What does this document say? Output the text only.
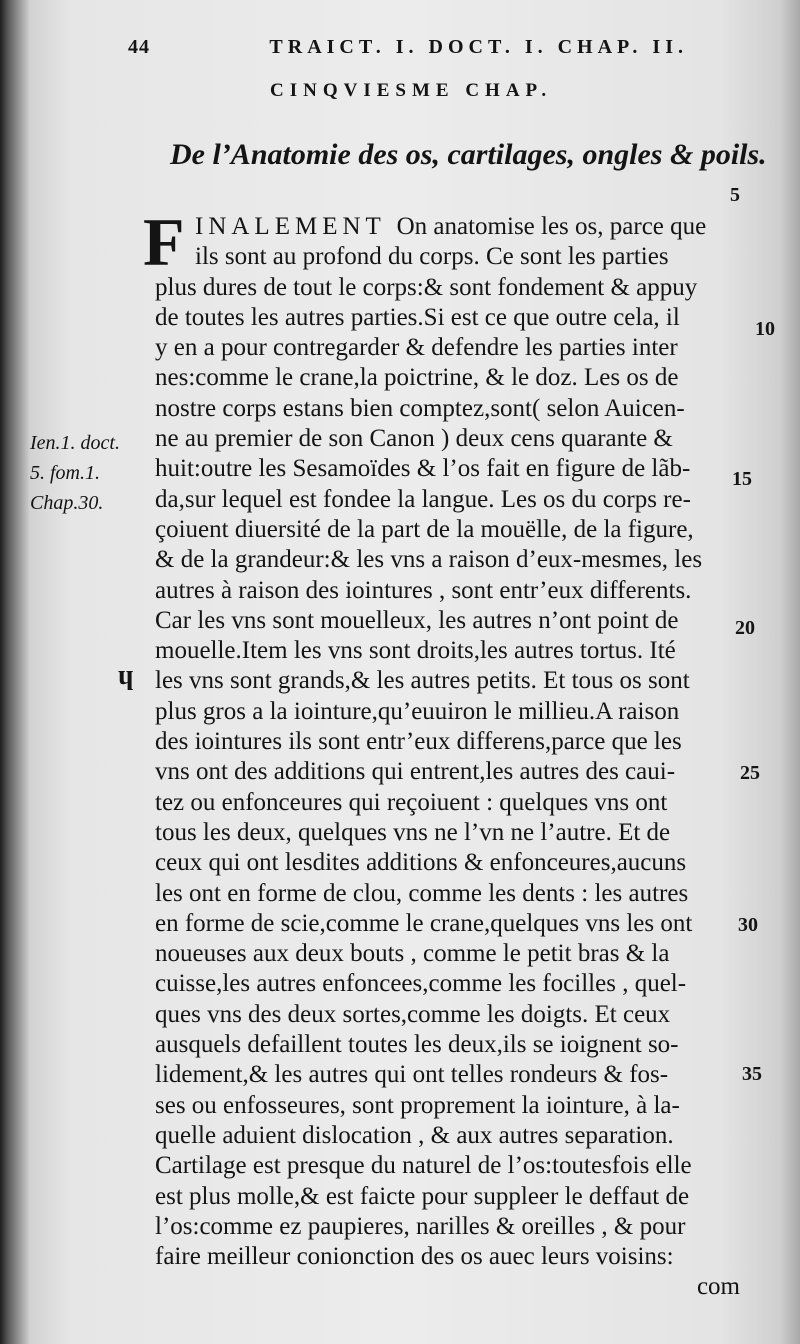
44	TRAICT. I. DOCT. I. CHAP. II.
CINQVIESME CHAP.
De l’Anatomie des os, cartilages, ongles & poils.
Ien.1. doct.
5. fom.1.
Chap.30.
ɥ
5
10
15
20
25
30
35
F INALEMENT On anatomise les os, parce que
ils sont au profond du corps. Ce sont les parties
plus dures de tout le corps:& sont fondement & appuy
de toutes les autres parties.Si est ce que outre cela, il
y en a pour contregarder & defendre les parties inter
nes:comme le crane,la poictrine, & le doz. Les os de
nostre corps estans bien comptez,sont( selon Auicen-
ne au premier de son Canon ) deux cens quarante &
huit:outre les Sesamoïdes & l’os fait en figure de lãb-
da,sur lequel est fondee la langue. Les os du corps re-
çoiuent diuersité de la part de la mouëlle, de la figure,
& de la grandeur:& les vns a raison d’eux-mesmes, les
autres à raison des iointures , sont entr’eux differents.
Car les vns sont mouelleux, les autres n’ont point de
mouelle.Item les vns sont droits,les autres tortus. Ité
les vns sont grands,& les autres petits. Et tous os sont
plus gros a la iointure,qu’euuiron le millieu.A raison
des iointures ils sont entr’eux differens,parce que les
vns ont des additions qui entrent,les autres des caui-
tez ou enfonceures qui reçoiuent : quelques vns ont
tous les deux, quelques vns ne l’vn ne l’autre. Et de
ceux qui ont lesdites additions & enfonceures,aucuns
les ont en forme de clou, comme les dents : les autres
en forme de scie,comme le crane,quelques vns les ont
noueuses aux deux bouts , comme le petit bras & la
cuisse,les autres enfoncees,comme les focilles , quel-
ques vns des deux sortes,comme les doigts. Et ceux
ausquels defaillent toutes les deux,ils se ioignent so-
lidement,& les autres qui ont telles rondeurs & fos-
ses ou enfosseures, sont proprement la iointure, à la-
quelle aduient dislocation , & aux autres separation.
Cartilage est presque du naturel de l’os:toutesfois elle
est plus molle,& est faicte pour suppleer le deffaut de
l’os:comme ez paupieres, narilles & oreilles , & pour
faire meilleur conionction des os auec leurs voisins:
com
